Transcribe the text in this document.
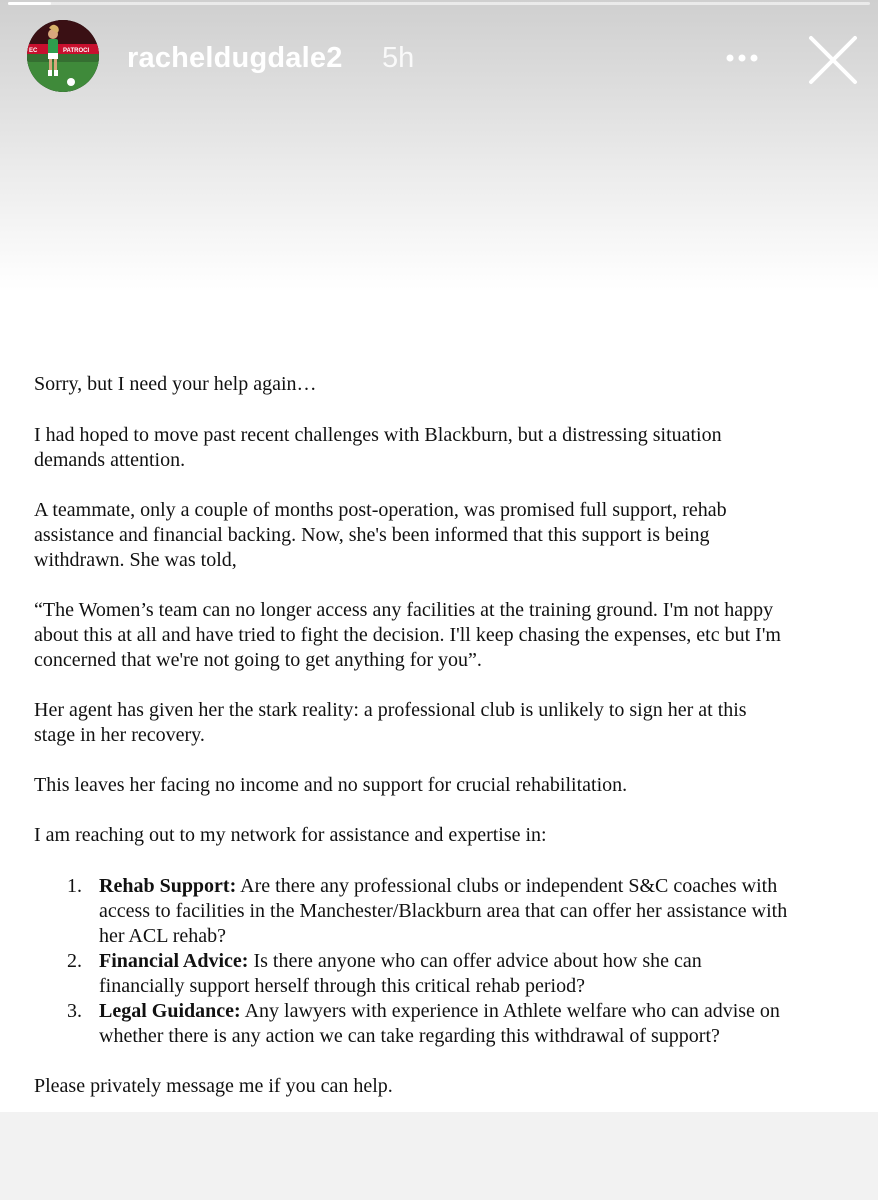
PATROCI
EC	racheldugdale2 5h

Sorry, but I need your help again…

I had hoped to move past recent challenges with Blackburn, but a distressing situation
demands attention.

A teammate, only a couple of months post-operation, was promised full support, rehab
assistance and financial backing. Now, she's been informed that this support is being
withdrawn. She was told,

“The Women’s team can no longer access any facilities at the training ground. I'm not happy
about this at all and have tried to fight the decision. I'll keep chasing the expenses, etc but I'm
concerned that we're not going to get anything for you”.

Her agent has given her the stark reality: a professional club is unlikely to sign her at this
stage in her recovery.

This leaves her facing no income and no support for crucial rehabilitation.

I am reaching out to my network for assistance and expertise in:

1. Rehab Support: Are there any professional clubs or independent S&C coaches with
access to facilities in the Manchester/Blackburn area that can offer her assistance with
her ACL rehab?
2. Financial Advice: Is there anyone who can offer advice about how she can
financially support herself through this critical rehab period?
3. Legal Guidance: Any lawyers with experience in Athlete welfare who can advise on
whether there is any action we can take regarding this withdrawal of support?

Please privately message me if you can help.
